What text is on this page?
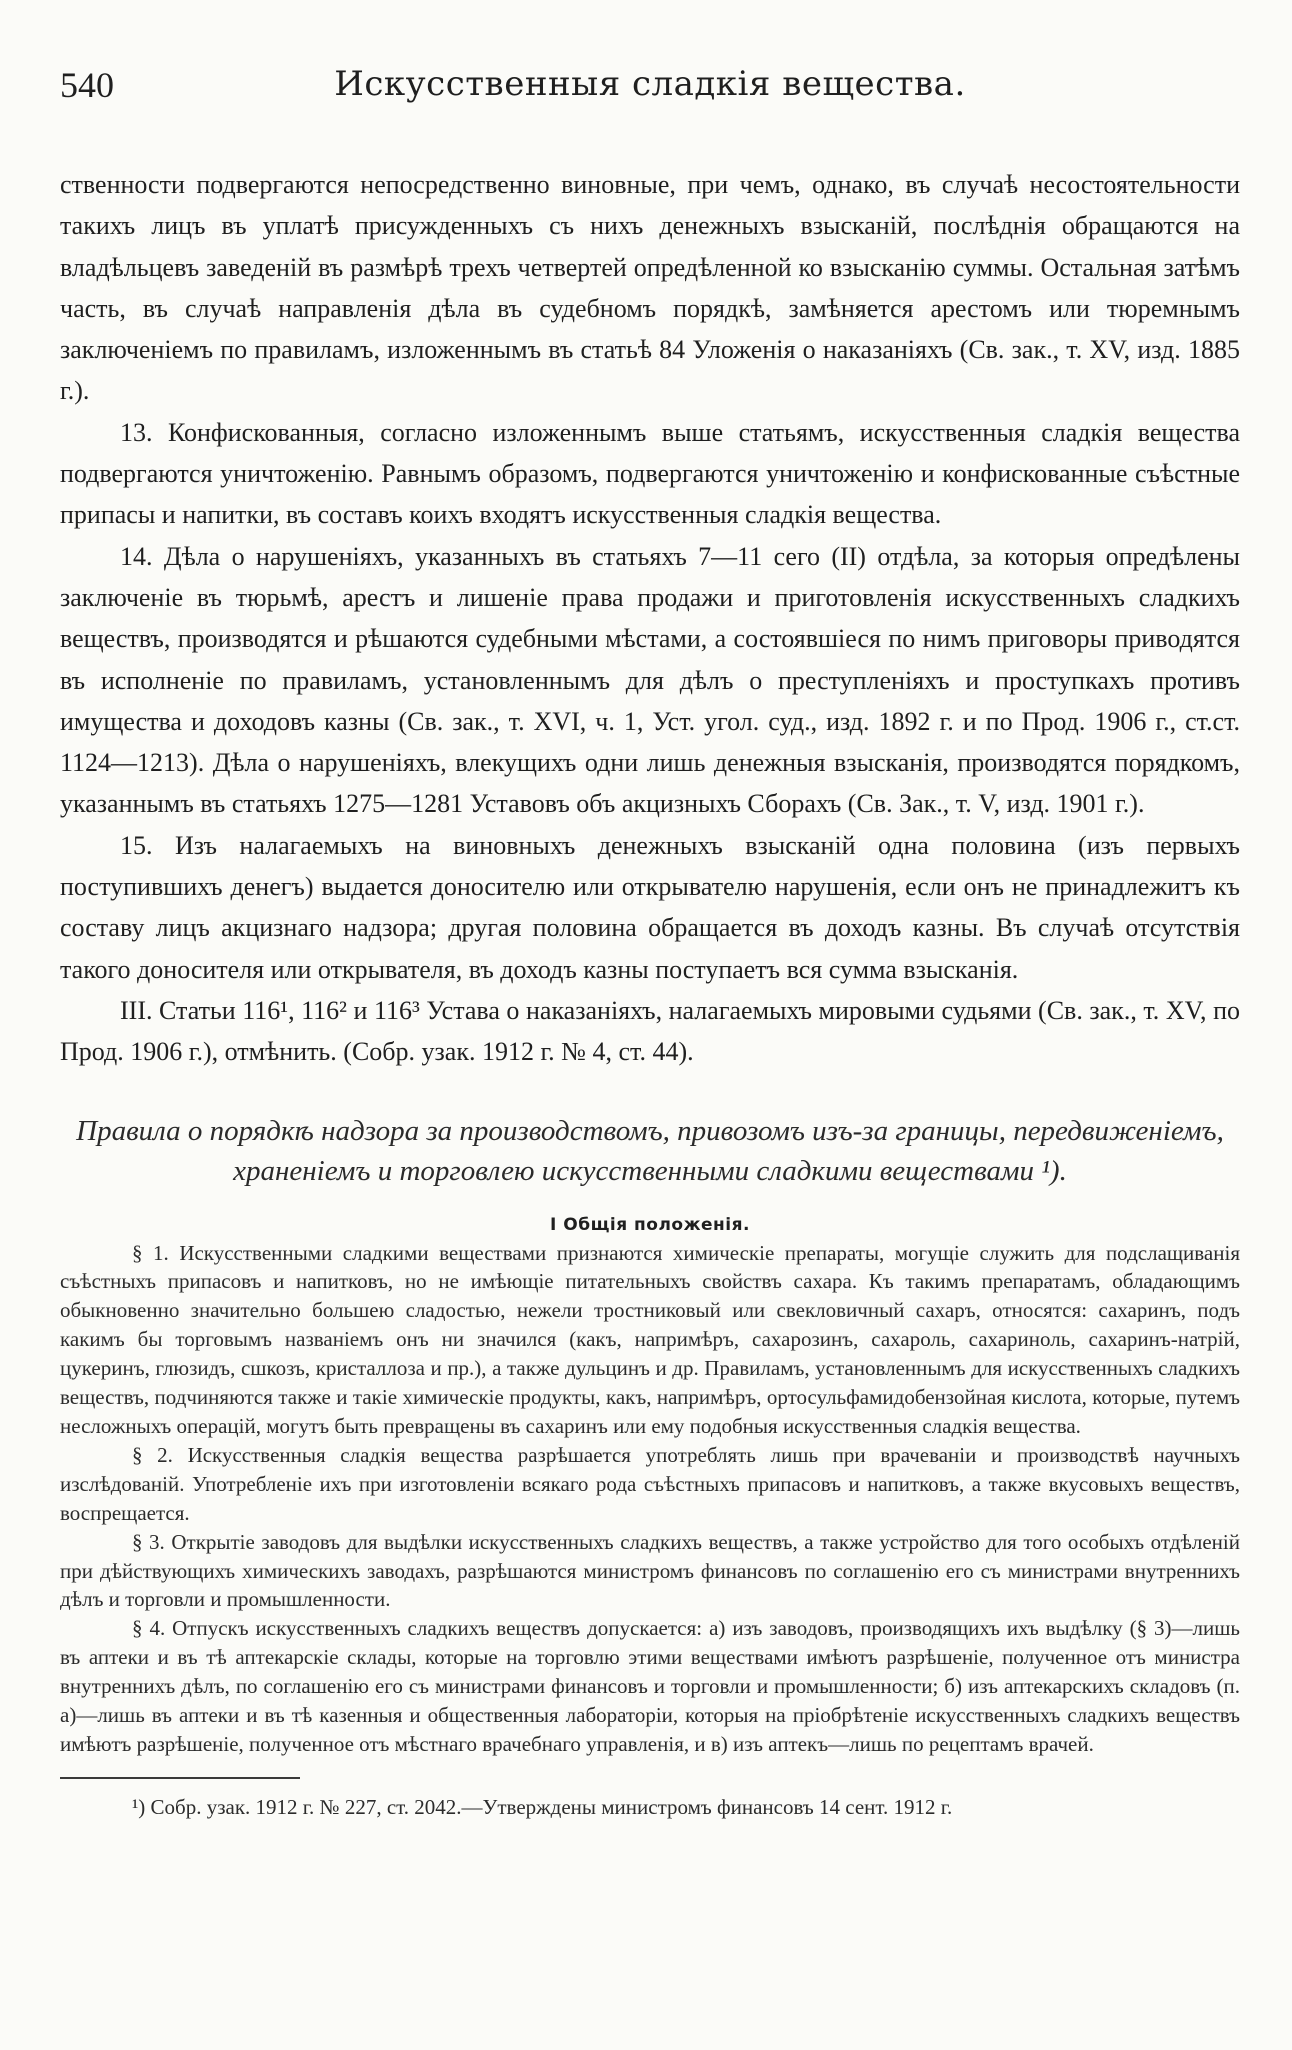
540	Искусственныя сладкія вещества.

ственности подвергаются непосредственно виновные, при чемъ, однако, въ случаѣ несостоятельности такихъ лицъ въ уплатѣ присужденныхъ съ нихъ денежныхъ взысканій, послѣднія обращаются на владѣльцевъ заведеній въ размѣрѣ трехъ четвертей опредѣленной ко взысканію суммы. Остальная затѣмъ часть, въ случаѣ направленія дѣла въ судебномъ порядкѣ, замѣняется арестомъ или тюремнымъ заключеніемъ по правиламъ, изложеннымъ въ статьѣ 84 Уложенія о наказаніяхъ (Св. зак., т. XV, изд. 1885 г.).

13. Конфискованныя, согласно изложеннымъ выше статьямъ, искусственныя сладкія вещества подвергаются уничтоженію. Равнымъ образомъ, подвергаются уничтоженію и конфискованные съѣстные припасы и напитки, въ составъ коихъ входятъ искусственныя сладкія вещества.

14. Дѣла о нарушеніяхъ, указанныхъ въ статьяхъ 7—11 сего (II) отдѣла, за которыя опредѣлены заключеніе въ тюрьмѣ, арестъ и лишеніе права продажи и приготовленія искусственныхъ сладкихъ веществъ, производятся и рѣшаются судебными мѣстами, а состоявшіеся по нимъ приговоры приводятся въ исполненіе по правиламъ, установленнымъ для дѣлъ о преступленіяхъ и проступкахъ противъ имущества и доходовъ казны (Св. зак., т. XVI, ч. 1, Уст. угол. суд., изд. 1892 г. и по Прод. 1906 г., ст.ст. 1124—1213). Дѣла о нарушеніяхъ, влекущихъ одни лишь денежныя взысканія, производятся порядкомъ, указаннымъ въ статьяхъ 1275—1281 Уставовъ объ акцизныхъ Сборахъ (Св. Зак., т. V, изд. 1901 г.).

15. Изъ налагаемыхъ на виновныхъ денежныхъ взысканій одна половина (изъ первыхъ поступившихъ денегъ) выдается доносителю или открывателю нарушенія, если онъ не принадлежитъ къ составу лицъ акцизнаго надзора; другая половина обращается въ доходъ казны. Въ случаѣ отсутствія такого доносителя или открывателя, въ доходъ казны поступаетъ вся сумма взысканія.

III. Статьи 116¹, 116² и 116³ Устава о наказаніяхъ, налагаемыхъ мировыми судьями (Св. зак., т. XV, по Прод. 1906 г.), отмѣнить. (Собр. узак. 1912 г. № 4, ст. 44).

Правила о порядкѣ надзора за производствомъ, привозомъ изъ-за границы, передвиженіемъ, храненіемъ и торговлею искусственными сладкими веществами ¹).
I Общія положенія.

§ 1. Искусственными сладкими веществами признаются химическіе препараты, могущіе служить для подслащиванія съѣстныхъ припасовъ и напитковъ, но не имѣющіе питательныхъ свойствъ сахара. Къ такимъ препаратамъ, обладающимъ обыкновенно значительно большею сладостью, нежели тростниковый или свекловичный сахаръ, относятся: сахаринъ, подъ какимъ бы торговымъ названіемъ онъ ни значился (какъ, напримѣръ, сахарозинъ, сахароль, сахариноль, сахаринъ-натрій, цукеринъ, глюзидъ, сшкозъ, кристаллоза и пр.), а также дульцинъ и др. Правиламъ, установленнымъ для искусственныхъ сладкихъ веществъ, подчиняются также и такіе химическіе продукты, какъ, напримѣръ, ортосульфамидобензойная кислота, которые, путемъ несложныхъ операцій, могутъ быть превращены въ сахаринъ или ему подобныя искусственныя сладкія вещества.

§ 2. Искусственныя сладкія вещества разрѣшается употреблять лишь при врачеваніи и производствѣ научныхъ изслѣдованій. Употребленіе ихъ при изготовленіи всякаго рода съѣстныхъ припасовъ и напитковъ, а также вкусовыхъ веществъ, воспрещается.

§ 3. Открытіе заводовъ для выдѣлки искусственныхъ сладкихъ веществъ, а также устройство для того особыхъ отдѣленій при дѣйствующихъ химическихъ заводахъ, разрѣшаются министромъ финансовъ по соглашенію его съ министрами внутреннихъ дѣлъ и торговли и промышленности.

§ 4. Отпускъ искусственныхъ сладкихъ веществъ допускается: а) изъ заводовъ, производящихъ ихъ выдѣлку (§ 3)—лишь въ аптеки и въ тѣ аптекарскіе склады, которые на торговлю этими веществами имѣютъ разрѣшеніе, полученное отъ министра внутреннихъ дѣлъ, по соглашенію его съ министрами финансовъ и торговли и промышленности; б) изъ аптекарскихъ складовъ (п. а)—лишь въ аптеки и въ тѣ казенныя и общественныя лабораторіи, которыя на пріобрѣтеніе искусственныхъ сладкихъ веществъ имѣютъ разрѣшеніе, полученное отъ мѣстнаго врачебнаго управленія, и в) изъ аптекъ—лишь по рецептамъ врачей.

¹) Собр. узак. 1912 г. № 227, ст. 2042.—Утверждены министромъ финансовъ 14 сент. 1912 г.
